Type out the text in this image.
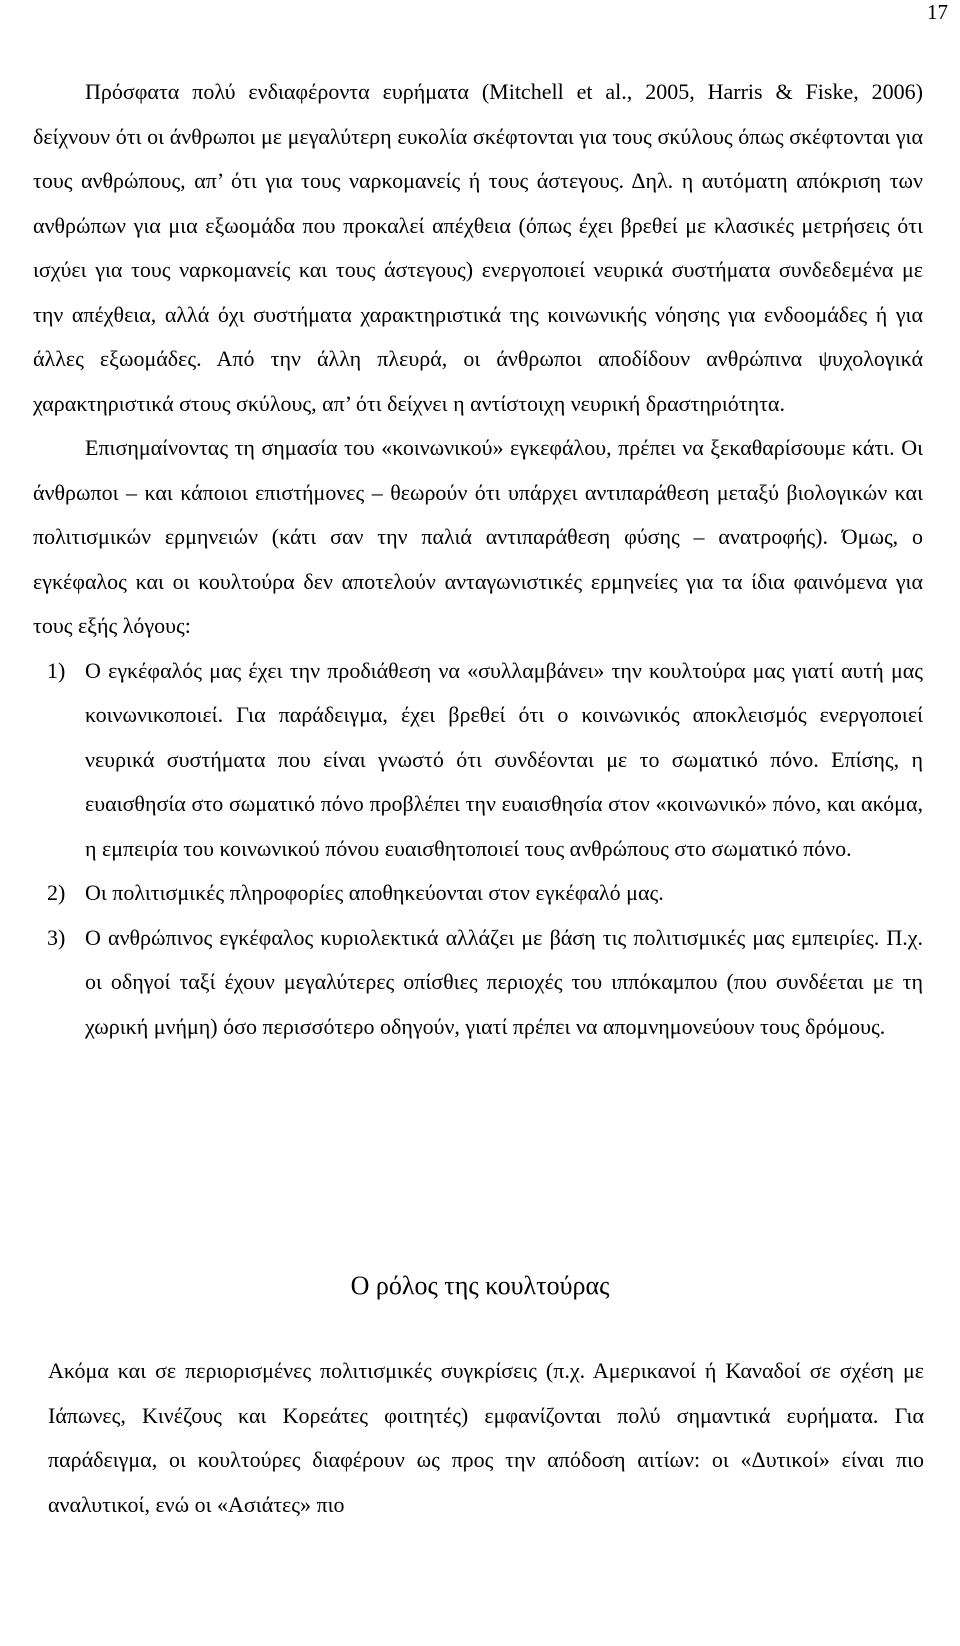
17

Πρόσφατα πολύ ενδιαφέροντα ευρήματα (Mitchell et al., 2005, Harris & Fiske, 2006) δείχνουν ότι οι άνθρωποι με μεγαλύτερη ευκολία σκέφτονται για τους σκύλους όπως σκέφτονται για τους ανθρώπους, απ’ ότι για τους ναρκομανείς ή τους άστεγους. Δηλ. η αυτόματη απόκριση των ανθρώπων για μια εξωομάδα που προκαλεί απέχθεια (όπως έχει βρεθεί με κλασικές μετρήσεις ότι ισχύει για τους ναρκομανείς και τους άστεγους) ενεργοποιεί νευρικά συστήματα συνδεδεμένα με την απέχθεια, αλλά όχι συστήματα χαρακτηριστικά της κοινωνικής νόησης για ενδοομάδες ή για άλλες εξωομάδες. Από την άλλη πλευρά, οι άνθρωποι αποδίδουν ανθρώπινα ψυχολογικά χαρακτηριστικά στους σκύλους, απ’ ότι δείχνει η αντίστοιχη νευρική δραστηριότητα.

Επισημαίνοντας τη σημασία του «κοινωνικού» εγκεφάλου, πρέπει να ξεκαθαρίσουμε κάτι. Οι άνθρωποι – και κάποιοι επιστήμονες – θεωρούν ότι υπάρχει αντιπαράθεση μεταξύ βιολογικών και πολιτισμικών ερμηνειών (κάτι σαν την παλιά αντιπαράθεση φύσης – ανατροφής). Όμως, ο εγκέφαλος και οι κουλτούρα δεν αποτελούν ανταγωνιστικές ερμηνείες για τα ίδια φαινόμενα για τους εξής λόγους:

1) Ο εγκέφαλός μας έχει την προδιάθεση να «συλλαμβάνει» την κουλτούρα μας γιατί αυτή μας κοινωνικοποιεί. Για παράδειγμα, έχει βρεθεί ότι ο κοινωνικός αποκλεισμός ενεργοποιεί νευρικά συστήματα που είναι γνωστό ότι συνδέονται με το σωματικό πόνο. Επίσης, η ευαισθησία στο σωματικό πόνο προβλέπει την ευαισθησία στον «κοινωνικό» πόνο, και ακόμα, η εμπειρία του κοινωνικού πόνου ευαισθητοποιεί τους ανθρώπους στο σωματικό πόνο.
2) Οι πολιτισμικές πληροφορίες αποθηκεύονται στον εγκέφαλό μας.
3) Ο ανθρώπινος εγκέφαλος κυριολεκτικά αλλάζει με βάση τις πολιτισμικές μας εμπειρίες. Π.χ. οι οδηγοί ταξί έχουν μεγαλύτερες οπίσθιες περιοχές του ιππόκαμπου (που συνδέεται με τη χωρική μνήμη) όσο περισσότερο οδηγούν, γιατί πρέπει να απομνημονεύουν τους δρόμους.
Ο ρόλος της κουλτούρας

Ακόμα και σε περιορισμένες πολιτισμικές συγκρίσεις (π.χ. Αμερικανοί ή Καναδοί σε σχέση με Ιάπωνες, Κινέζους και Κορεάτες φοιτητές) εμφανίζονται πολύ σημαντικά ευρήματα. Για παράδειγμα, οι κουλτούρες διαφέρουν ως προς την απόδοση αιτίων: οι «Δυτικοί» είναι πιο αναλυτικοί, ενώ οι «Ασιάτες» πιο
